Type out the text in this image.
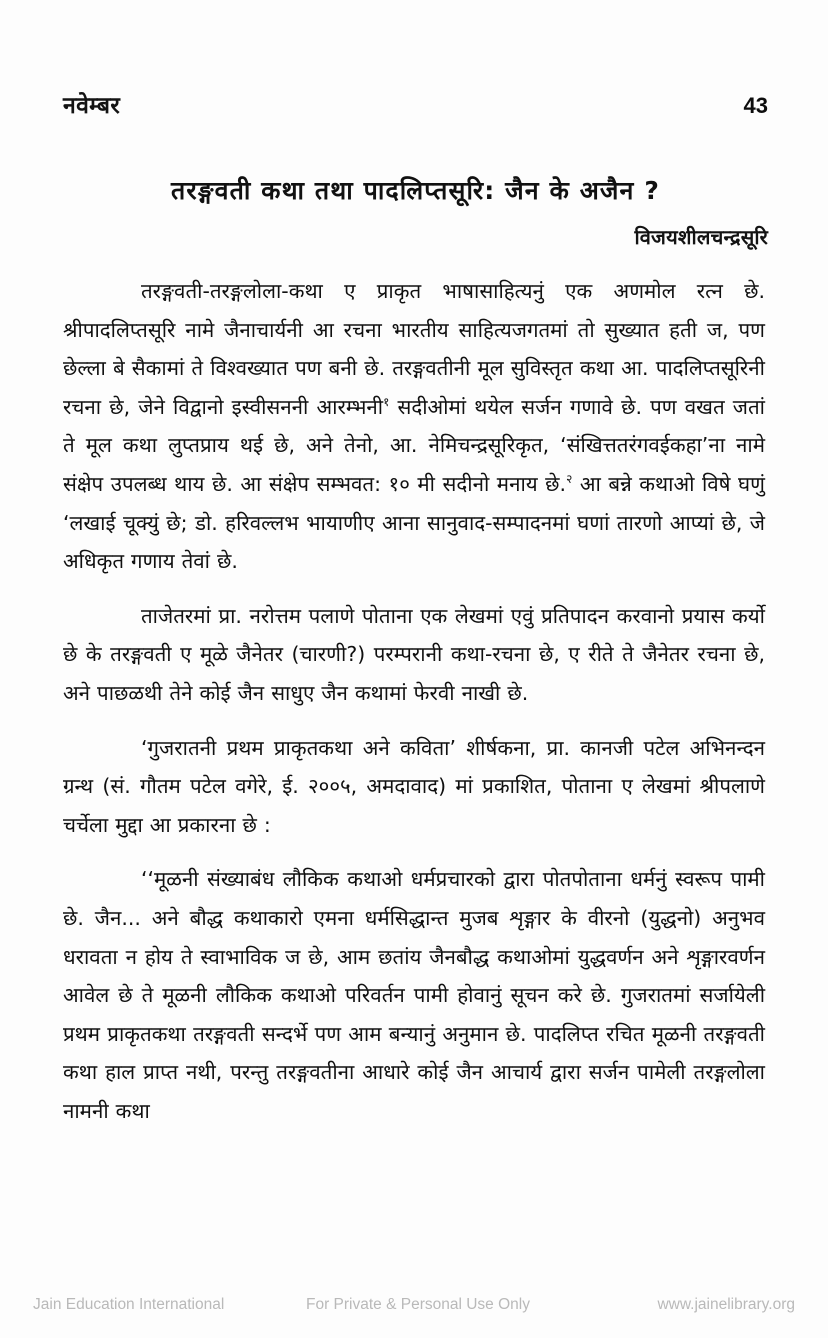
नवेम्बर	43
तरङ्गवती कथा तथा पादलिप्तसूरि: जैन के अजैन ?
विजयशीलचन्द्रसूरि

तरङ्गवती-तरङ्गलोला-कथा ए प्राकृत भाषासाहित्यनुं एक अणमोल रत्न छे. श्रीपादलिप्तसूरि नामे जैनाचार्यनी आ रचना भारतीय साहित्यजगतमां तो सुख्यात हती ज, पण छेल्ला बे सैकामां ते विश्वख्यात पण बनी छे. तरङ्गवतीनी मूल सुविस्तृत कथा आ. पादलिप्तसूरिनी रचना छे, जेने विद्वानो इस्वीसननी आरम्भनी$^१$ सदीओमां थयेल सर्जन गणावे छे. पण वखत जतां ते मूल कथा लुप्तप्राय थई छे, अने तेनो, आ. नेमिचन्द्रसूरिकृत, ‘संखित्ततरंगवईकहा’ना नामे संक्षेप उपलब्ध थाय छे. आ संक्षेप सम्भवत: १० मी सदीनो मनाय छे.$^२$ आ बन्ने कथाओ विषे घणुं ‘लखाई चूक्युं छे; डो. हरिवल्लभ भायाणीए आना सानुवाद-सम्पादनमां घणां तारणो आप्यां छे, जे अधिकृत गणाय तेवां छे.

ताजेतरमां प्रा. नरोत्तम पलाणे पोताना एक लेखमां एवुं प्रतिपादन करवानो प्रयास कर्यो छे के तरङ्गवती ए मूळे जैनेतर (चारणी?) परम्परानी कथा-रचना छे, ए रीते ते जैनेतर रचना छे, अने पाछळथी तेने कोई जैन साधुए जैन कथामां फेरवी नाखी छे.

‘गुजरातनी प्रथम प्राकृतकथा अने कविता’ शीर्षकना, प्रा. कानजी पटेल अभिनन्दन ग्रन्थ (सं. गौतम पटेल वगेरे, ई. २००५, अमदावाद) मां प्रकाशित, पोताना ए लेखमां श्रीपलाणे चर्चेला मुद्दा आ प्रकारना छे :

‘‘मूळनी संख्याबंध लौकिक कथाओ धर्मप्रचारको द्वारा पोतपोताना धर्मनुं स्वरूप पामी छे. जैन... अने बौद्ध कथाकारो एमना धर्मसिद्धान्त मुजब शृङ्गार के वीरनो (युद्धनो) अनुभव धरावता न होय ते स्वाभाविक ज छे, आम छतांय जैनबौद्ध कथाओमां युद्धवर्णन अने शृङ्गारवर्णन आवेल छे ते मूळनी लौकिक कथाओ परिवर्तन पामी होवानुं सूचन करे छे. गुजरातमां सर्जायेली प्रथम प्राकृतकथा तरङ्गवती सन्दर्भे पण आम बन्यानुं अनुमान छे. पादलिप्त रचित मूळनी तरङ्गवती कथा हाल प्राप्त नथी, परन्तु तरङ्गवतीना आधारे कोई जैन आचार्य द्वारा सर्जन पामेली तरङ्गलोला नामनी कथा

Jain Education International	For Private & Personal Use Only	www.jainelibrary.org
